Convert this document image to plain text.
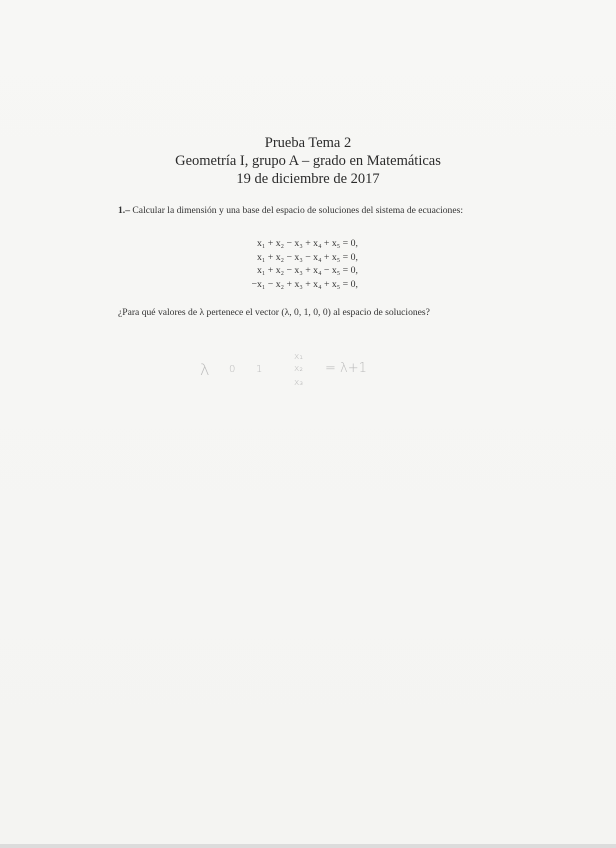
Prueba Tema 2
Geometría I, grupo A – grado en Matemáticas
19 de diciembre de 2017
1.– Calcular la dimensión y una base del espacio de soluciones del sistema de ecuaciones:
x₁ + x₂ − x₃ + x₄ + x₅ = 0,
x₁ + x₂ − x₃ − x₄ + x₅ = 0,
x₁ + x₂ − x₃ + x₄ − x₅ = 0,
−x₁ − x₂ + x₃ + x₄ + x₅ = 0,
¿Para qué valores de λ pertenece el vector (λ, 0, 1, 0, 0) al espacio de soluciones?
λ 0 1
x₁
x₂
x₃
= λ+1
